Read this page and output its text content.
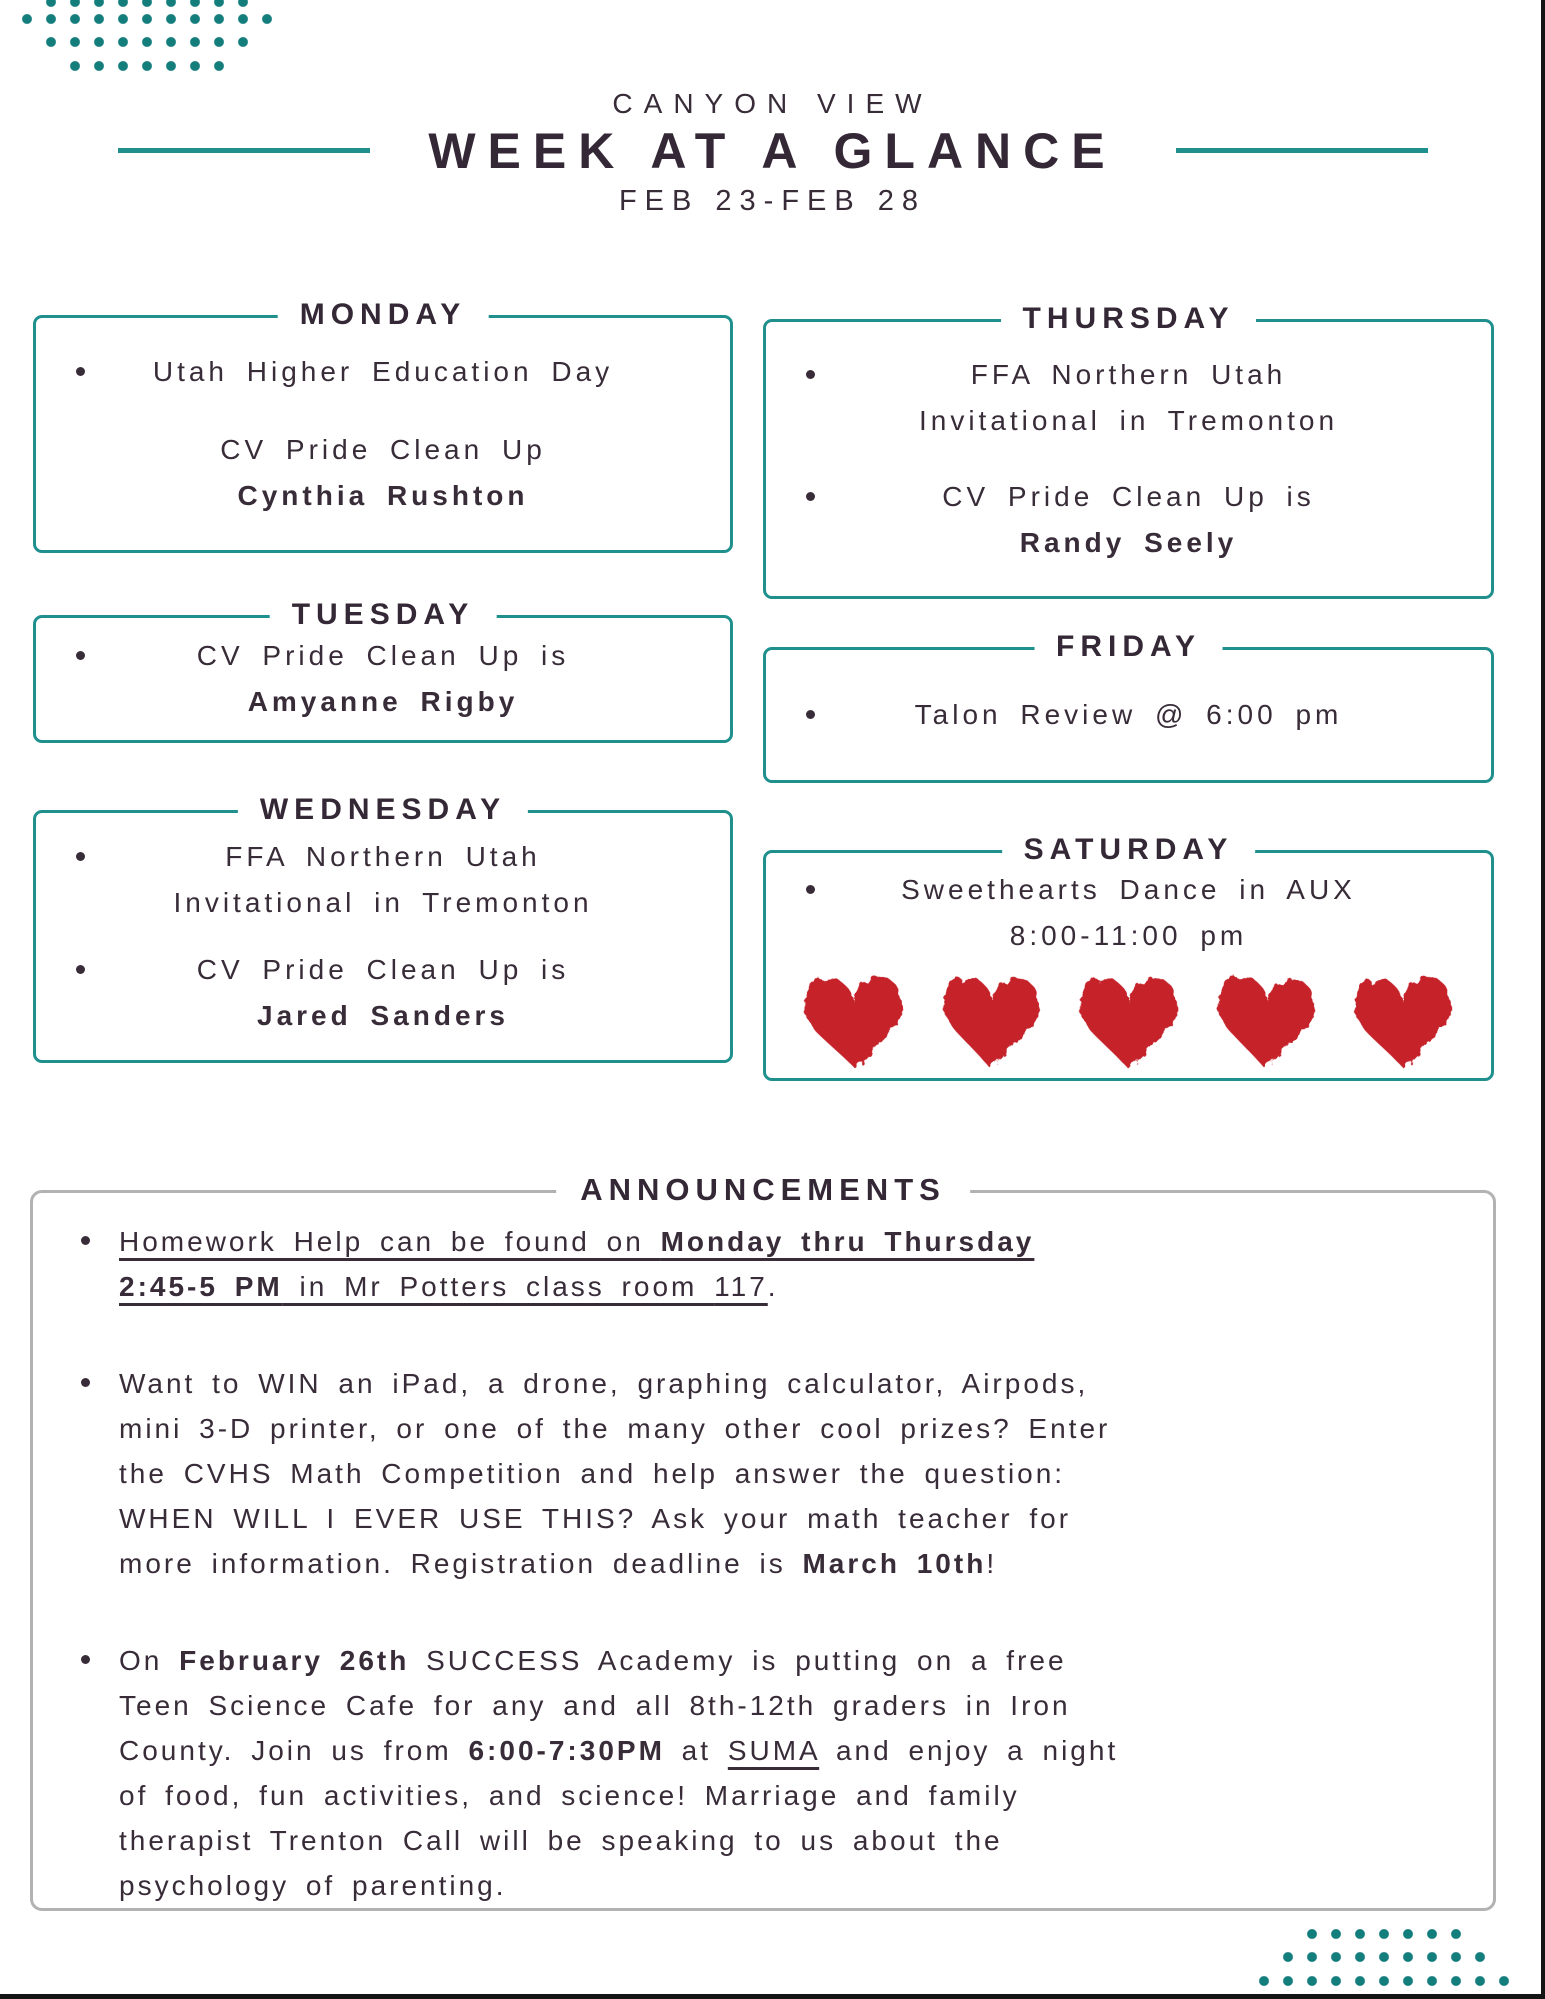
CANYON VIEW
WEEK AT A GLANCE
FEB 23-FEB 28
MONDAY
Utah Higher Education Day
CV Pride Clean Up
Cynthia Rushton
TUESDAY
CV Pride Clean Up is
Amyanne Rigby
WEDNESDAY
FFA Northern Utah
Invitational in Tremonton
CV Pride Clean Up is
Jared Sanders
THURSDAY
FFA Northern Utah
Invitational in Tremonton
CV Pride Clean Up is
Randy Seely
FRIDAY
Talon Review @ 6:00 pm
SATURDAY
Sweethearts Dance in AUX
8:00-11:00 pm
ANNOUNCEMENTS
Homework Help can be found on Monday thru Thursday
2:45-5 PM in Mr Potters class room 117.
Want to WIN an iPad, a drone, graphing calculator, Airpods,
mini 3-D printer, or one of the many other cool prizes? Enter
the CVHS Math Competition and help answer the question:
WHEN WILL I EVER USE THIS? Ask your math teacher for
more information. Registration deadline is March 10th!
On February 26th SUCCESS Academy is putting on a free
Teen Science Cafe for any and all 8th-12th graders in Iron
County. Join us from 6:00-7:30PM at SUMA and enjoy a night
of food, fun activities, and science! Marriage and family
therapist Trenton Call will be speaking to us about the
psychology of parenting.
